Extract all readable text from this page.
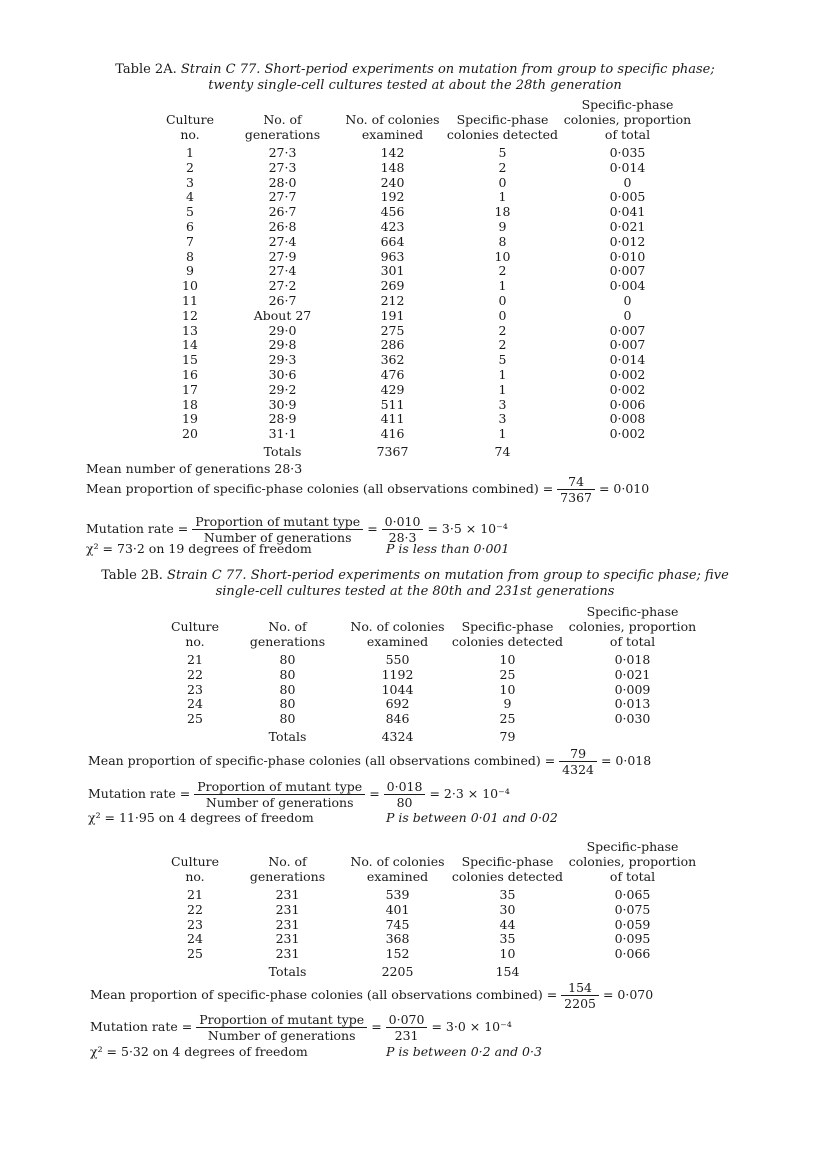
Table 2A. Strain C 77. Short-period experiments on mutation from group to specific phase;
twenty single-cell cultures tested at about the 28th generation
Culture no.	No. of generations	No. of colonies examined	Specific-phase colonies detected	Specific-phase colonies, proportion of total
1	27·3	142	5	0·035
2	27·3	148	2	0·014
3	28·0	240	0	0
4	27·7	192	1	0·005
5	26·7	456	18	0·041
6	26·8	423	9	0·021
7	27·4	664	8	0·012
8	27·9	963	10	0·010
9	27·4	301	2	0·007
10	27·2	269	1	0·004
11	26·7	212	0	0
12	About 27	191	0	0
13	29·0	275	2	0·007
14	29·8	286	2	0·007
15	29·3	362	5	0·014
16	30·6	476	1	0·002
17	29·2	429	1	0·002
18	30·9	511	3	0·006
19	28·9	411	3	0·008
20	31·1	416	1	0·002
	Totals	7367	74	
Mean number of generations 28·3
Mean proportion of specific-phase colonies (all observations combined) = $\frac{74}{7367} = 0\cdot 010$
Mutation rate = $\frac{\text{Proportion of mutant type}}{\text{Number of generations}} = \frac{0\cdot 010}{28\cdot 3} = 3\cdot 5 \times 10^{-4}$
χ² = 73·2 on 19 degrees of freedom	P is less than 0·001
Table 2B. Strain C 77. Short-period experiments on mutation from group to specific phase; five
single-cell cultures tested at the 80th and 231st generations
Culture no.	No. of generations	No. of colonies examined	Specific-phase colonies detected	Specific-phase colonies, proportion of total
21	80	550	10	0·018
22	80	1192	25	0·021
23	80	1044	10	0·009
24	80	692	9	0·013
25	80	846	25	0·030
	Totals	4324	79	
Mean proportion of specific-phase colonies (all observations combined) = $\frac{79}{4324} = 0\cdot 018$
Mutation rate = $\frac{\text{Proportion of mutant type}}{\text{Number of generations}} = \frac{0\cdot 018}{80} = 2\cdot 3 \times 10^{-4}$
χ² = 11·95 on 4 degrees of freedom	P is between 0·01 and 0·02
Culture no.	No. of generations	No. of colonies examined	Specific-phase colonies detected	Specific-phase colonies, proportion of total
21	231	539	35	0·065
22	231	401	30	0·075
23	231	745	44	0·059
24	231	368	35	0·095
25	231	152	10	0·066
	Totals	2205	154	
Mean proportion of specific-phase colonies (all observations combined) = $\frac{154}{2205} = 0\cdot 070$
Mutation rate = $\frac{\text{Proportion of mutant type}}{\text{Number of generations}} = \frac{0\cdot 070}{231} = 3\cdot 0 \times 10^{-4}$
χ² = 5·32 on 4 degrees of freedom	P is between 0·2 and 0·3
